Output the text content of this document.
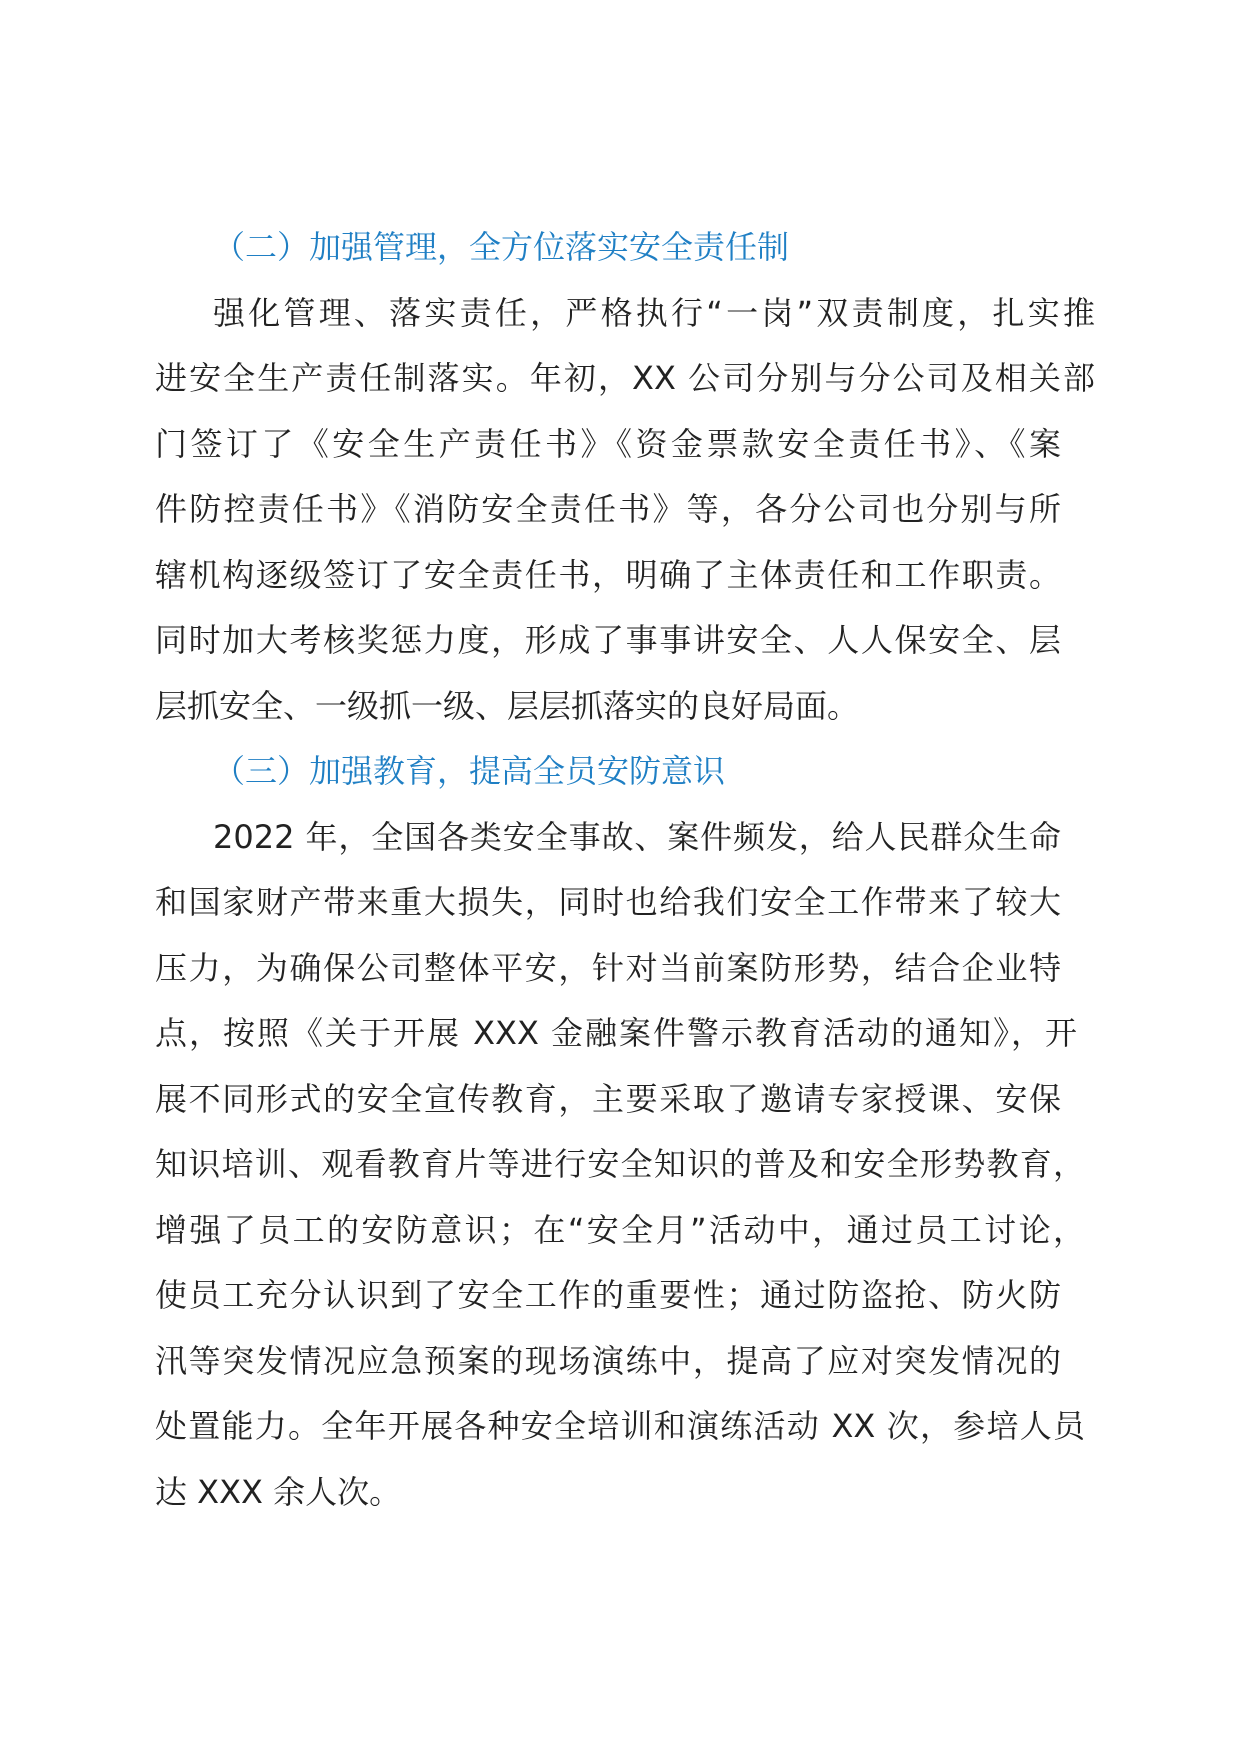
（二）加强管理，全方位落实安全责任制
强化管理、落实责任，严格执行“一岗”双责制度，扎实推
进安全生产责任制落实。年初，XX 公司分别与分公司及相关部
门签订了《安全生产责任书》《资金票款安全责任书》、《案
件防控责任书》《消防安全责任书》等，各分公司也分别与所
辖机构逐级签订了安全责任书，明确了主体责任和工作职责。
同时加大考核奖惩力度，形成了事事讲安全、人人保安全、层
层抓安全、一级抓一级、层层抓落实的良好局面。
（三）加强教育，提高全员安防意识
2022 年，全国各类安全事故、案件频发，给人民群众生命
和国家财产带来重大损失，同时也给我们安全工作带来了较大
压力，为确保公司整体平安，针对当前案防形势，结合企业特
点，按照《关于开展 XXX 金融案件警示教育活动的通知》，开
展不同形式的安全宣传教育，主要采取了邀请专家授课、安保
知识培训、观看教育片等进行安全知识的普及和安全形势教育，
增强了员工的安防意识；在“安全月”活动中，通过员工讨论，
使员工充分认识到了安全工作的重要性；通过防盗抢、防火防
汛等突发情况应急预案的现场演练中，提高了应对突发情况的
处置能力。全年开展各种安全培训和演练活动 XX 次，参培人员
达 XXX 余人次。
